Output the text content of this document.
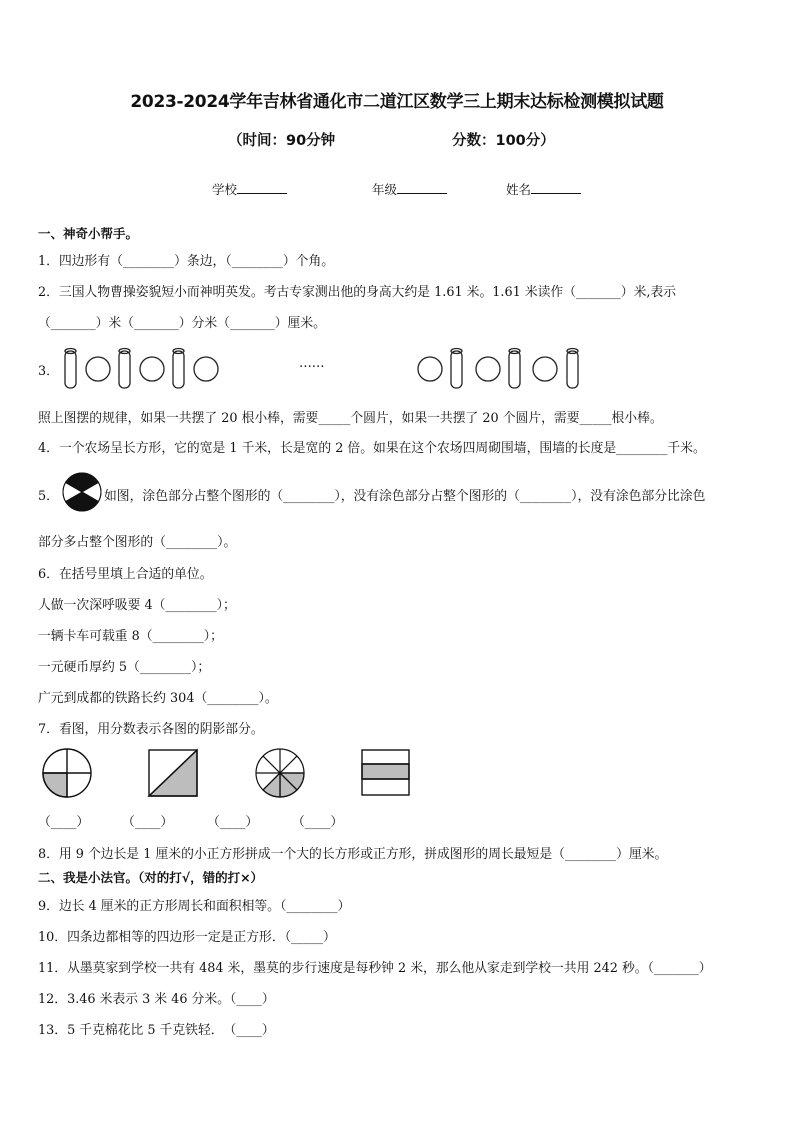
2023-2024学年吉林省通化市二道江区数学三上期末达标检测模拟试题
（时间：90分钟	分数：100分）
学校	年级	姓名
一、神奇小帮手。
1．四边形有（________）条边，（________）个角。
2．三国人物曹操姿貌短小而神明英发。考古专家测出他的身高大约是 1.61 米。1.61 米读作（_______）米,表示
（_______）米（_______）分米（_______）厘米。
3．
……
照上图摆的规律，如果一共摆了 20 根小棒，需要_____个圆片，如果一共摆了 20 个圆片，需要_____根小棒。
4．一个农场呈长方形，它的宽是 1 千米，长是宽的 2 倍。如果在这个农场四周砌围墙，围墙的长度是________千米。
5．	如图，涂色部分占整个图形的（________），没有涂色部分占整个图形的（________），没有涂色部分比涂色
部分多占整个图形的（________）。
6．在括号里填上合适的单位。
人做一次深呼吸要 4（________）；
一辆卡车可载重 8（________）；
一元硬币厚约 5（________）；
广元到成都的铁路长约 304（________）。
7．看图，用分数表示各图的阴影部分。
（____）	（____）	（____）	（____）
8．用 9 个边长是 1 厘米的小正方形拼成一个大的长方形或正方形，拼成图形的周长最短是（________）厘米。
二、我是小法官。（对的打√，错的打×）
9．边长 4 厘米的正方形周长和面积相等。（________）
10．四条边都相等的四边形一定是正方形．（_____）
11．从墨莫家到学校一共有 484 米，墨莫的步行速度是每秒钟 2 米，那么他从家走到学校一共用 242 秒。（_______）
12．3.46 米表示 3 米 46 分米。（____）
13．5 千克棉花比 5 千克铁轻．　（____）
